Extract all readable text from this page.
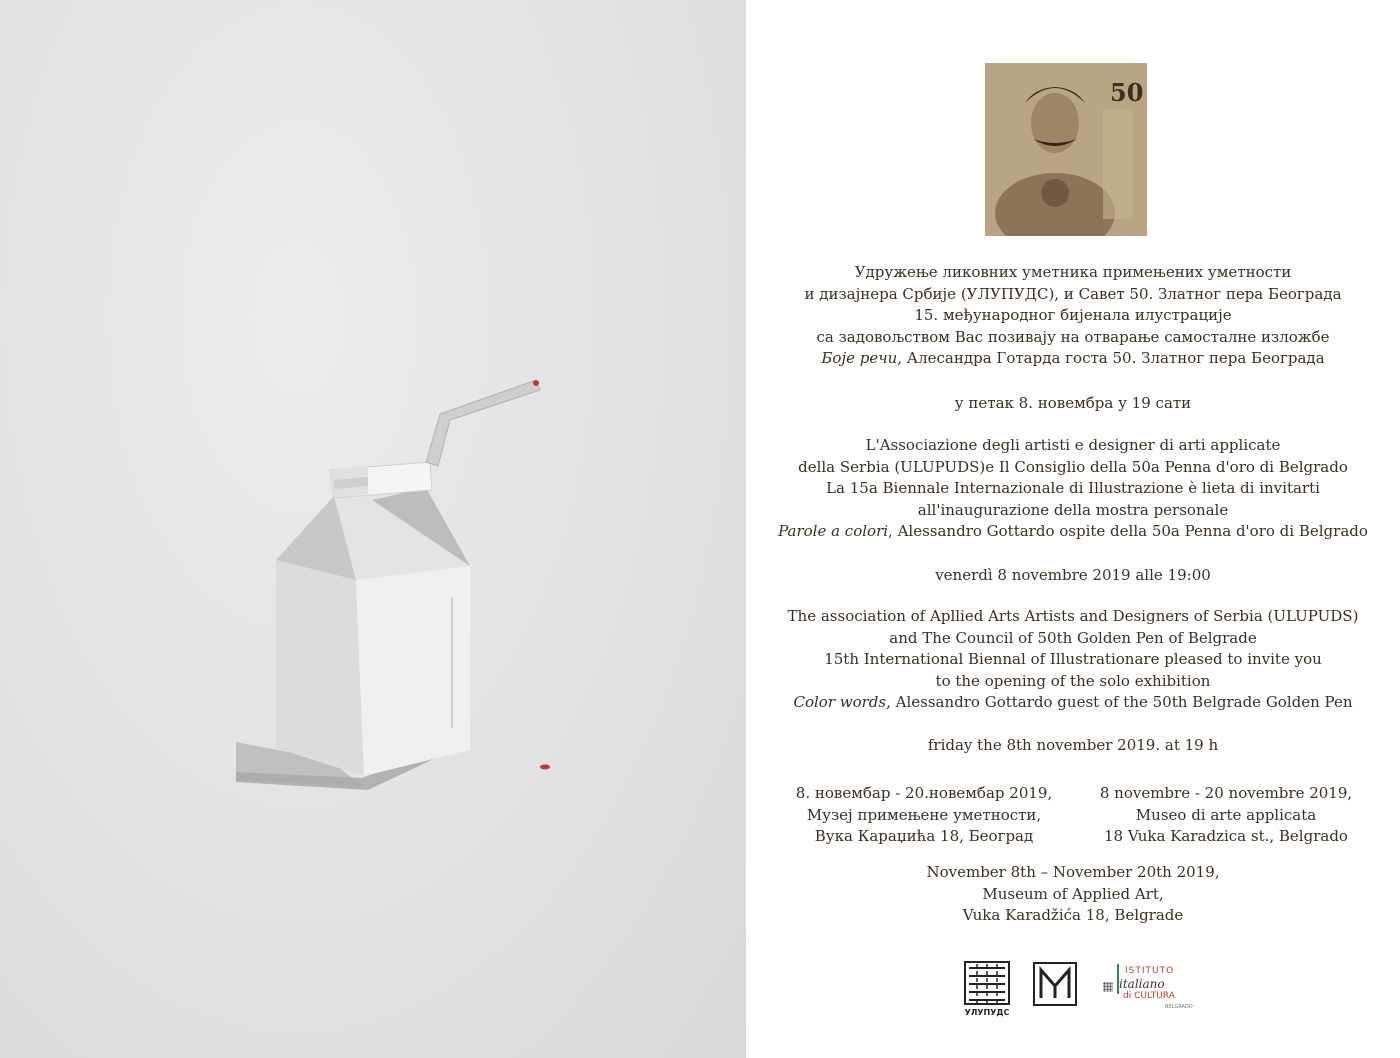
50
Удружење ликовних уметника примењених уметности
и дизајнера Србије (УЛУПУДС), и Савет 50. Златног пера Београда
15. међународног бијенала илустрације
са задовољством Вас позивају на отварање самосталне изложбе
Боје речи, Алесандра Готарда госта 50. Златног пера Београда
у петак 8. новембра у 19 сати
L'Associazione degli artisti e designer di arti applicate
della Serbia (ULUPUDS)e Il Consiglio della 50a Penna d'oro di Belgrado
La 15a Biennale Internazionale di Illustrazione è lieta di invitarti
all'inaugurazione della mostra personale
Parole a colori, Alessandro Gottardo ospite della 50a Penna d'oro di Belgrado
venerdì 8 novembre 2019 alle 19:00
The association of Apllied Arts Artists and Designers of Serbia (ULUPUDS)
and The Council of 50th Golden Pen of Belgrade
15th International Biennal of Illustrationare pleased to invite you
to the opening of the solo exhibition
Color words, Alessandro Gottardo guest of the 50th Belgrade Golden Pen
friday the 8th november 2019. at 19 h
8. новембар - 20.новембар 2019,
Музеј примењене уметности,
Вука Караџића 18, Београд
8 novembre - 20 novembre 2019,
Museo di arte applicata
18 Vuka Karadzica st., Belgrado
November 8th – November 20th 2019,
Museum of Applied Art,
Vuka Karadžića 18, Belgrade
УЛУПУДС
ISTITUTO
italiano
di CULTURA
BELGRADO
